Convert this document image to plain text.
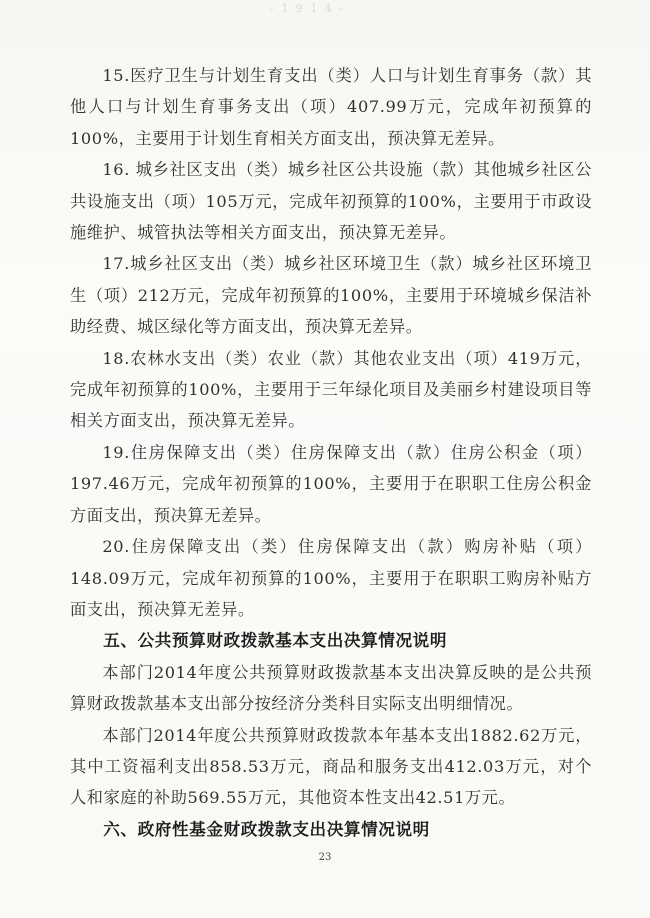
- 1 9 1 4 -

15.医疗卫生与计划生育支出（类）人口与计划生育事务（款）其他人口与计划生育事务支出（项）407.99万元，完成年初预算的100%，主要用于计划生育相关方面支出，预决算无差异。

16. 城乡社区支出（类）城乡社区公共设施（款）其他城乡社区公共设施支出（项）105万元，完成年初预算的100%，主要用于市政设施维护、城管执法等相关方面支出，预决算无差异。

17.城乡社区支出（类）城乡社区环境卫生（款）城乡社区环境卫生（项）212万元，完成年初预算的100%，主要用于环境城乡保洁补助经费、城区绿化等方面支出，预决算无差异。

18.农林水支出（类）农业（款）其他农业支出（项）419万元，完成年初预算的100%，主要用于三年绿化项目及美丽乡村建设项目等相关方面支出，预决算无差异。

19.住房保障支出（类）住房保障支出（款）住房公积金（项）197.46万元，完成年初预算的100%，主要用于在职职工住房公积金方面支出，预决算无差异。

20.住房保障支出（类）住房保障支出（款）购房补贴（项）148.09万元，完成年初预算的100%，主要用于在职职工购房补贴方面支出，预决算无差异。

五、公共预算财政拨款基本支出决算情况说明

本部门2014年度公共预算财政拨款基本支出决算反映的是公共预算财政拨款基本支出部分按经济分类科目实际支出明细情况。

本部门2014年度公共预算财政拨款本年基本支出1882.62万元，其中工资福利支出858.53万元，商品和服务支出412.03万元，对个人和家庭的补助569.55万元，其他资本性支出42.51万元。

六、政府性基金财政拨款支出决算情况说明

23
